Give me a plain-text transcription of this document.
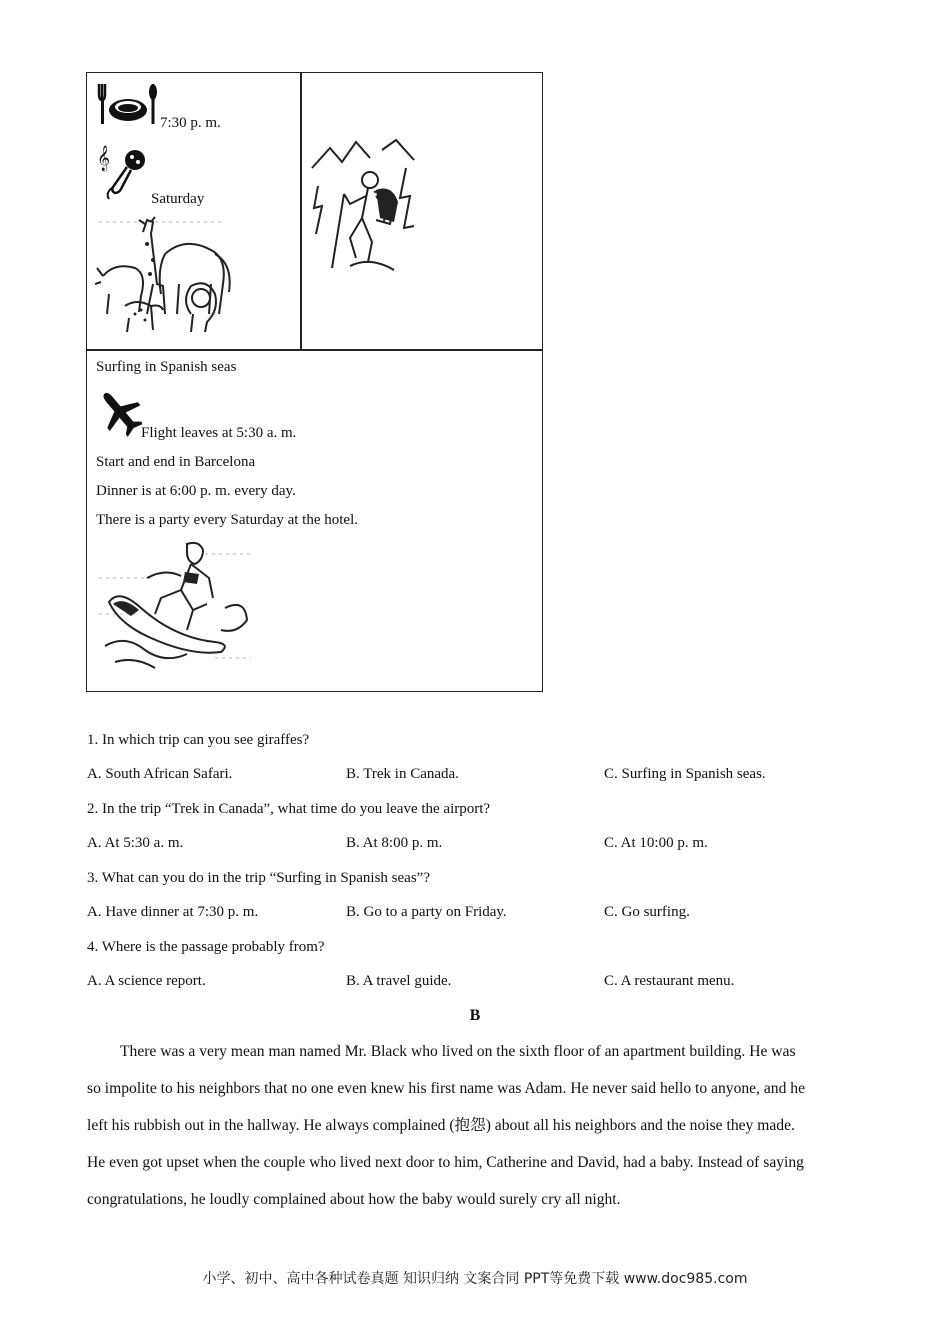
7:30 p. m.
𝄞
Saturday
Surfing in Spanish seas
Flight leaves at 5:30 a. m.
Start and end in Barcelona
Dinner is at 6:00 p. m. every day.
There is a party every Saturday at the hotel.
1. In which trip can you see giraffes?
A. South African Safari.	B. Trek in Canada.	C. Surfing in Spanish seas.
2. In the trip “Trek in Canada”, what time do you leave the airport?
A. At 5:30 a. m.	B. At 8:00 p. m.	C. At 10:00 p. m.
3. What can you do in the trip “Surfing in Spanish seas”?
A. Have dinner at 7:30 p. m.	B. Go to a party on Friday.	C. Go surfing.
4. Where is the passage probably from?
A. A science report.	B. A travel guide.	C. A restaurant menu.
B
There was a very mean man named Mr. Black who lived on the sixth floor of an apartment building. He was
so impolite to his neighbors that no one even knew his first name was Adam. He never said hello to anyone, and he
left his rubbish out in the hallway. He always complained (抱怨) about all his neighbors and the noise they made.
He even got upset when the couple who lived next door to him, Catherine and David, had a baby. Instead of saying
congratulations, he loudly complained about how the baby would surely cry all night.
小学、初中、高中各种试卷真题 知识归纳 文案合同 PPT等免费下载 www.doc985.com
